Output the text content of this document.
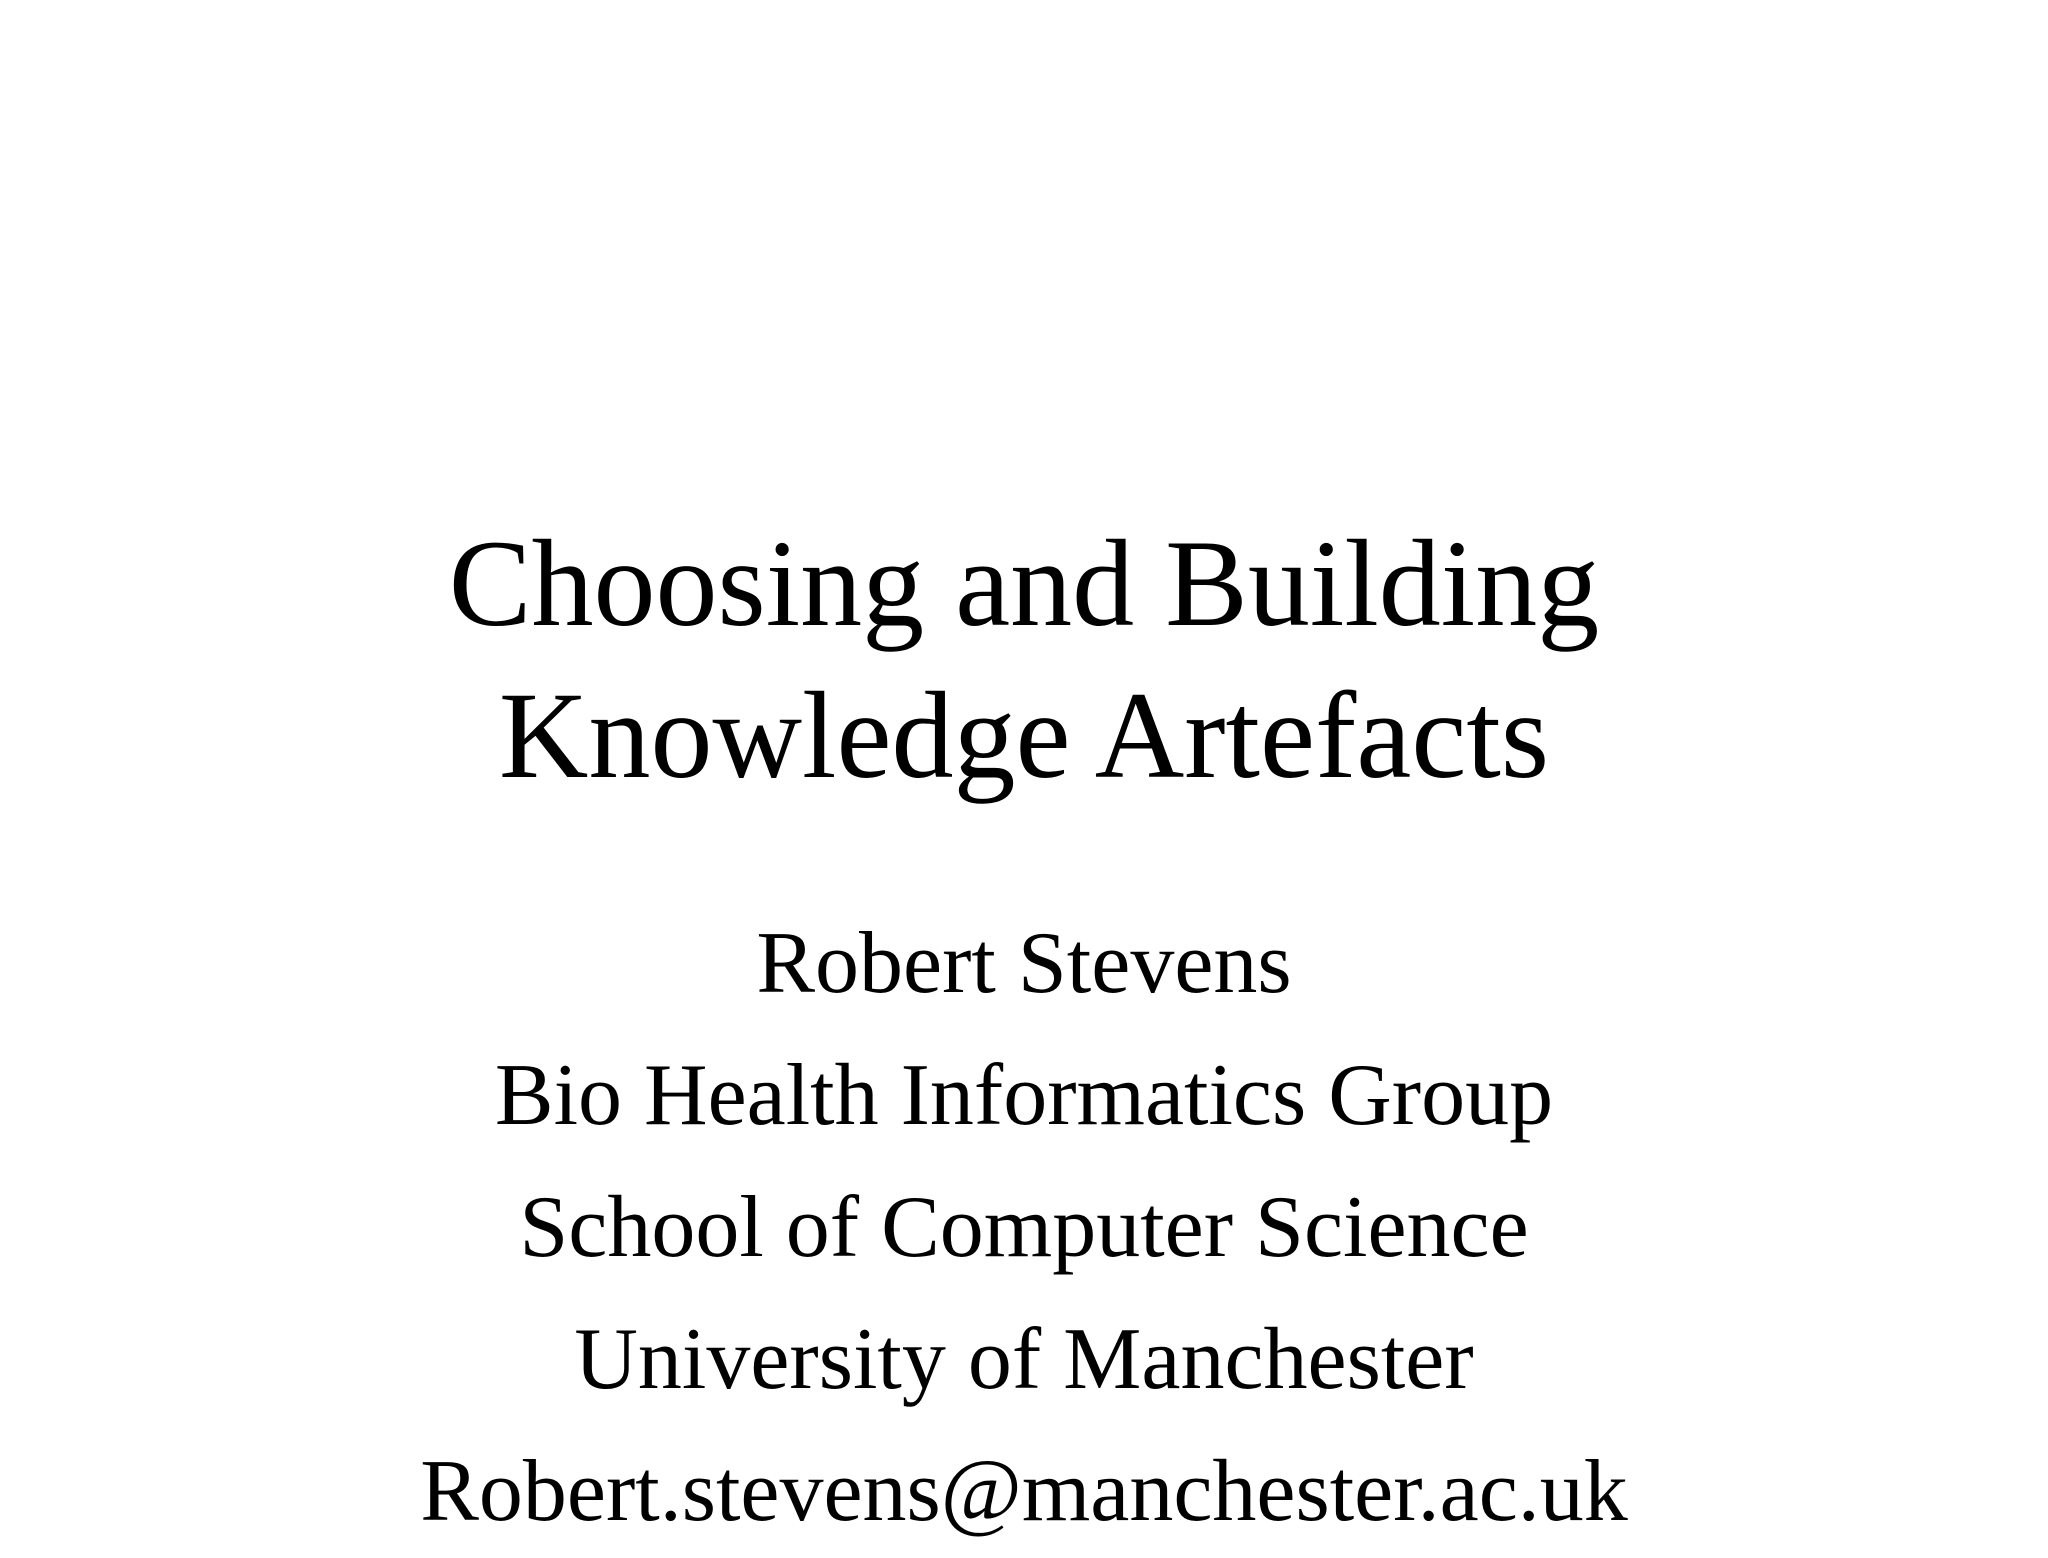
Choosing and Building
Knowledge Artefacts
Robert Stevens
Bio Health Informatics Group
School of Computer Science
University of Manchester
Robert.stevens@manchester.ac.uk
